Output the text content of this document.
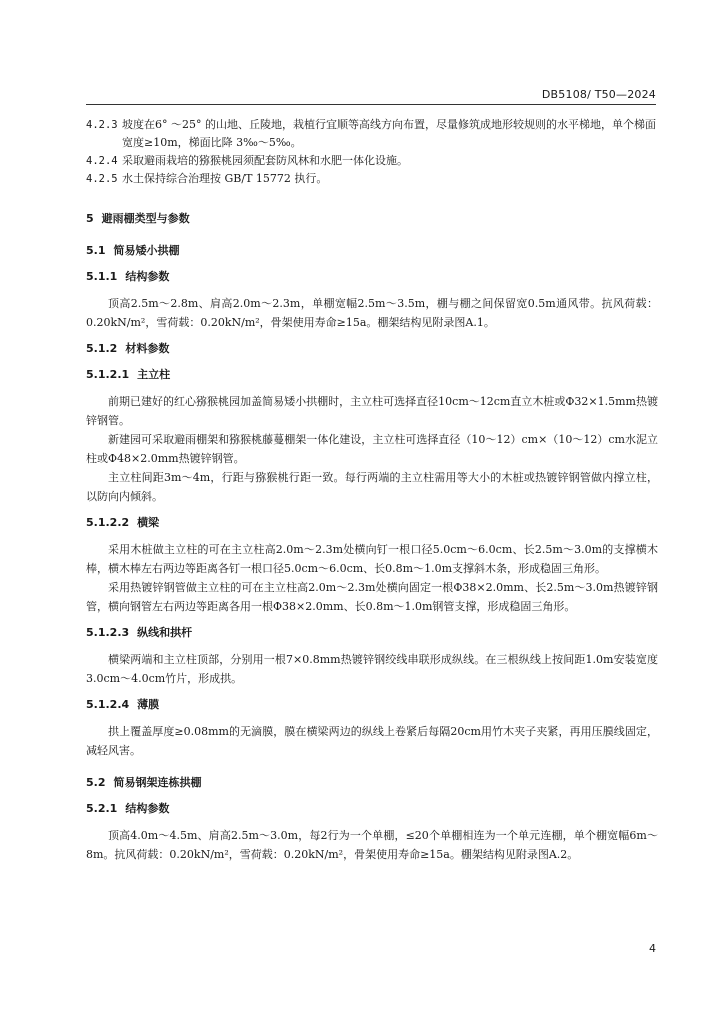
DB5108/ T50—2024

4.2.3 坡度在6° ～25° 的山地、丘陵地，栽植行宜顺等高线方向布置，尽量修筑成地形较规则的水平梯地，单个梯面宽度≥10m，梯面比降 3‰～5‰。

4.2.4 采取避雨栽培的猕猴桃园须配套防风林和水肥一体化设施。

4.2.5 水土保持综合治理按 GB/T 15772 执行。

5 避雨棚类型与参数

5.1 简易矮小拱棚

5.1.1 结构参数

顶高2.5m～2.8m、肩高2.0m～2.3m，单棚宽幅2.5m～3.5m，棚与棚之间保留宽0.5m通风带。抗风荷载：0.20kN/m²，雪荷载：0.20kN/m²，骨架使用寿命≥15a。棚架结构见附录图A.1。

5.1.2 材料参数

5.1.2.1 主立柱

前期已建好的红心猕猴桃园加盖简易矮小拱棚时，主立柱可选择直径10cm～12cm直立木桩或Φ32×1.5mm热镀锌钢管。

新建园可采取避雨棚架和猕猴桃藤蔓棚架一体化建设，主立柱可选择直径（10～12）cm×（10～12）cm水泥立柱或Φ48×2.0mm热镀锌钢管。

主立柱间距3m～4m，行距与猕猴桃行距一致。每行两端的主立柱需用等大小的木桩或热镀锌钢管做内撑立柱，以防向内倾斜。

5.1.2.2 横梁

采用木桩做主立柱的可在主立柱高2.0m～2.3m处横向钉一根口径5.0cm～6.0cm、长2.5m～3.0m的支撑横木棒，横木棒左右两边等距离各钉一根口径5.0cm～6.0cm、长0.8m～1.0m支撑斜木条，形成稳固三角形。

采用热镀锌钢管做主立柱的可在主立柱高2.0m～2.3m处横向固定一根Φ38×2.0mm、长2.5m～3.0m热镀锌钢管，横向钢管左右两边等距离各用一根Φ38×2.0mm、长0.8m～1.0m钢管支撑，形成稳固三角形。

5.1.2.3 纵线和拱杆

横梁两端和主立柱顶部，分别用一根7×0.8mm热镀锌钢绞线串联形成纵线。在三根纵线上按间距1.0m安装宽度3.0cm～4.0cm竹片，形成拱。

5.1.2.4 薄膜

拱上覆盖厚度≥0.08mm的无滴膜，膜在横梁两边的纵线上卷紧后每隔20cm用竹木夹子夹紧，再用压膜线固定，减轻风害。

5.2 简易钢架连栋拱棚

5.2.1 结构参数

顶高4.0m～4.5m、肩高2.5m～3.0m，每2行为一个单棚，≤20个单棚相连为一个单元连棚，单个棚宽幅6m～8m。抗风荷载：0.20kN/m²，雪荷载：0.20kN/m²，骨架使用寿命≥15a。棚架结构见附录图A.2。

4
